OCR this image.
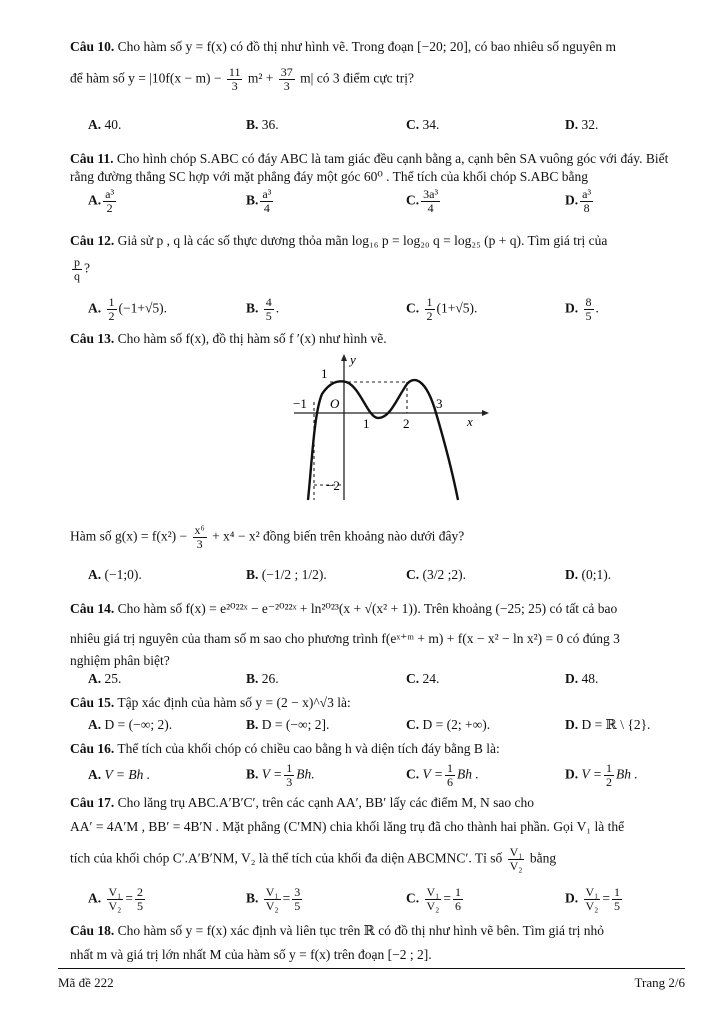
Câu 10. Cho hàm số y = f(x) có đồ thị như hình vẽ. Trong đoạn [−20; 20], có bao nhiêu số nguyên m
để hàm số $y = |10f(x - m) - \frac{11}{3} m^2 + \frac{37}{3} m|$ có 3 điểm cực trị?
A. 40.	B. 36.	C. 34.	D. 32.
Câu 11. Cho hình chóp S.ABC có đáy ABC là tam giác đều cạnh bằng a, cạnh bên SA vuông góc với đáy. Biết rằng đường thẳng SC hợp với mặt phẳng đáy một góc 60⁰ . Thể tích của khối chóp S.ABC bằng
A. $\frac{\text{a³}}{2}$	B. $\frac{\text{a³}}{4}$	C. $\frac{\text{3a³}}{4}$	D. $\frac{\text{a³}}{8}$
Câu 12. Giả sử p , q là các số thực dương thỏa mãn log₁₆ p = log₂₀ q = log₂₅ (p + q). Tìm giá trị của
$\frac{p}{q}$ ?
A. $\frac{1}{2} (-1+√5)$.	B. $\frac{4}{5}$ .	C. $\frac{1}{2} (1+√5)$.	D. $\frac{8}{5}$ .
Câu 13. Cho hàm số f(x), đồ thị hàm số f ′(x) như hình vẽ.
y
x
O
1
−1
1	2
3
−2
Hàm số $g(x) = f(x^2) - \frac{\text{x⁶}}{3} + x^4 - x^2$ đồng biến trên khoảng nào dưới đây?
A. (−1;0).	B. (−1/2 ; 1/2).	C. (3/2 ;2).	D. (0;1).
Câu 14. Cho hàm số f(x) = e²⁰²²ˣ − e⁻²⁰²²ˣ + ln²⁰²³(x + √(x² + 1)). Trên khoảng (−25; 25) có tất cả bao
nhiêu giá trị nguyên của tham số m sao cho phương trình f(eˣ⁺ᵐ + m) + f(x − x² − ln x²) = 0 có đúng 3
nghiệm phân biệt?
A. 25.	B. 26.	C. 24.	D. 48.
Câu 15. Tập xác định của hàm số y = (2 − x)^√3 là:
A. D = (−∞; 2).	B. D = (−∞; 2].	C. D = (2; +∞).	D. D = ℝ \ {2}.
Câu 16. Thể tích của khối chóp có chiều cao bằng h và diện tích đáy bằng B là:
A. V = Bh .	B. $V = \frac{1}{3} Bh$.	C. $V = \frac{1}{6}$ Bh .	D. $V = \frac{1}{2}$ Bh .
Câu 17. Cho lăng trụ ABC.A′B′C′, trên các cạnh AA′, BB′ lấy các điểm M, N sao cho
AA′ = 4A′M , BB′ = 4B′N . Mặt phẳng (C′MN) chia khối lăng trụ đã cho thành hai phần. Gọi V₁ là thể
tích của khối chóp C′.A′B′NM, V₂ là thể tích của khối đa diện ABCMNC′. Tỉ số $\frac{\text{V₁}}{\text{V₂}}$ bằng
A. $\frac{\text{V₁}}{\text{V₂}} = \frac{2}{5}$	B. $\frac{\text{V₁}}{\text{V₂}} = \frac{3}{5}$	C. $\frac{\text{V₁}}{\text{V₂}} = \frac{1}{6}$	D. $\frac{\text{V₁}}{\text{V₂}} = \frac{1}{5}$
Câu 18. Cho hàm số y = f(x) xác định và liên tục trên ℝ có đồ thị như hình vẽ bên. Tìm giá trị nhỏ
nhất m và giá trị lớn nhất M của hàm số y = f(x) trên đoạn [−2 ; 2].
Mã đề 222	Trang 2/6
